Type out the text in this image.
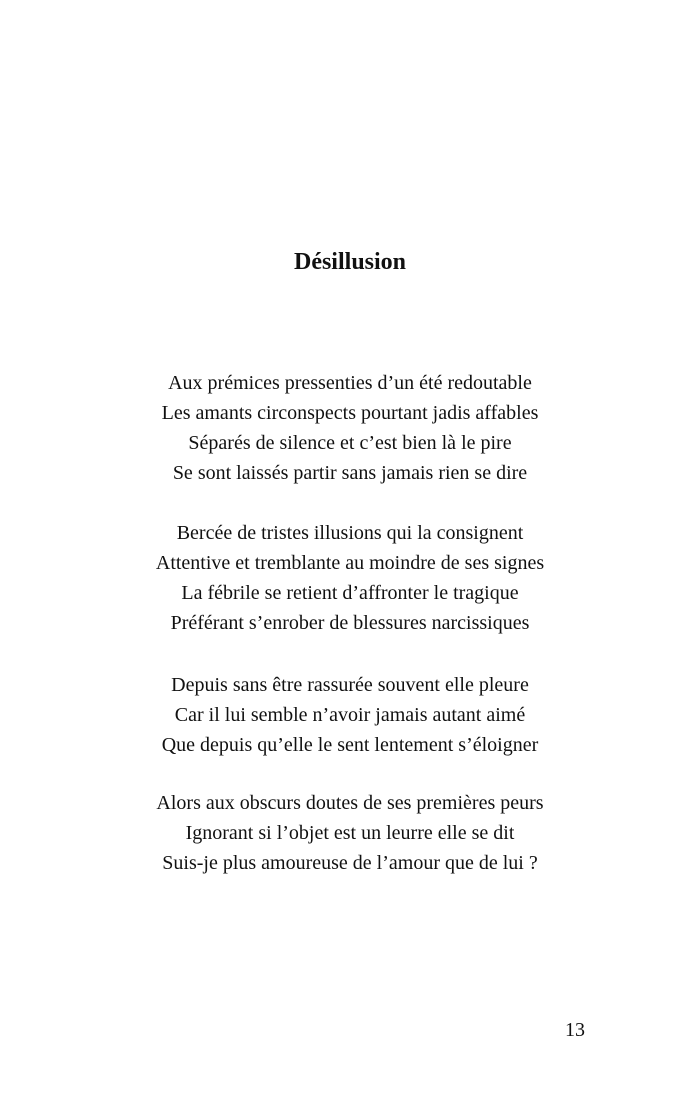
Désillusion
Aux prémices pressenties d’un été redoutable
Les amants circonspects pourtant jadis affables
Séparés de silence et c’est bien là le pire
Se sont laissés partir sans jamais rien se dire
Bercée de tristes illusions qui la consignent
Attentive et tremblante au moindre de ses signes
La fébrile se retient d’affronter le tragique
Préférant s’enrober de blessures narcissiques
Depuis sans être rassurée souvent elle pleure
Car il lui semble n’avoir jamais autant aimé
Que depuis qu’elle le sent lentement s’éloigner
Alors aux obscurs doutes de ses premières peurs
Ignorant si l’objet est un leurre elle se dit
Suis-je plus amoureuse de l’amour que de lui ?
13
